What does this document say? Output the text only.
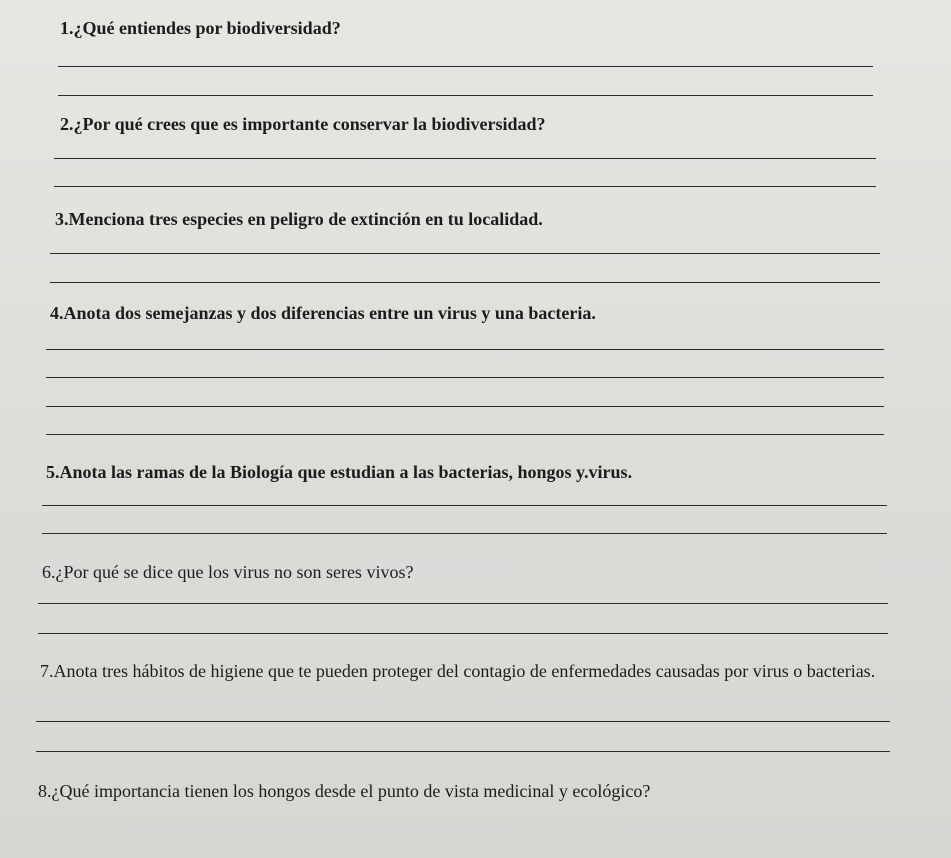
1.¿Qué entiendes por biodiversidad?
2.¿Por qué crees que es importante conservar la biodiversidad?
3.Menciona tres especies en peligro de extinción en tu localidad.
4.Anota dos semejanzas y dos diferencias entre un virus y una bacteria.
5.Anota las ramas de la Biología que estudian a las bacterias, hongos y.virus.
6.¿Por qué se dice que los virus no son seres vivos?
7.Anota tres hábitos de higiene que te pueden proteger del contagio de enfermedades causadas por virus o bacterias.
8.¿Qué importancia tienen los hongos desde el punto de vista medicinal y ecológico?
